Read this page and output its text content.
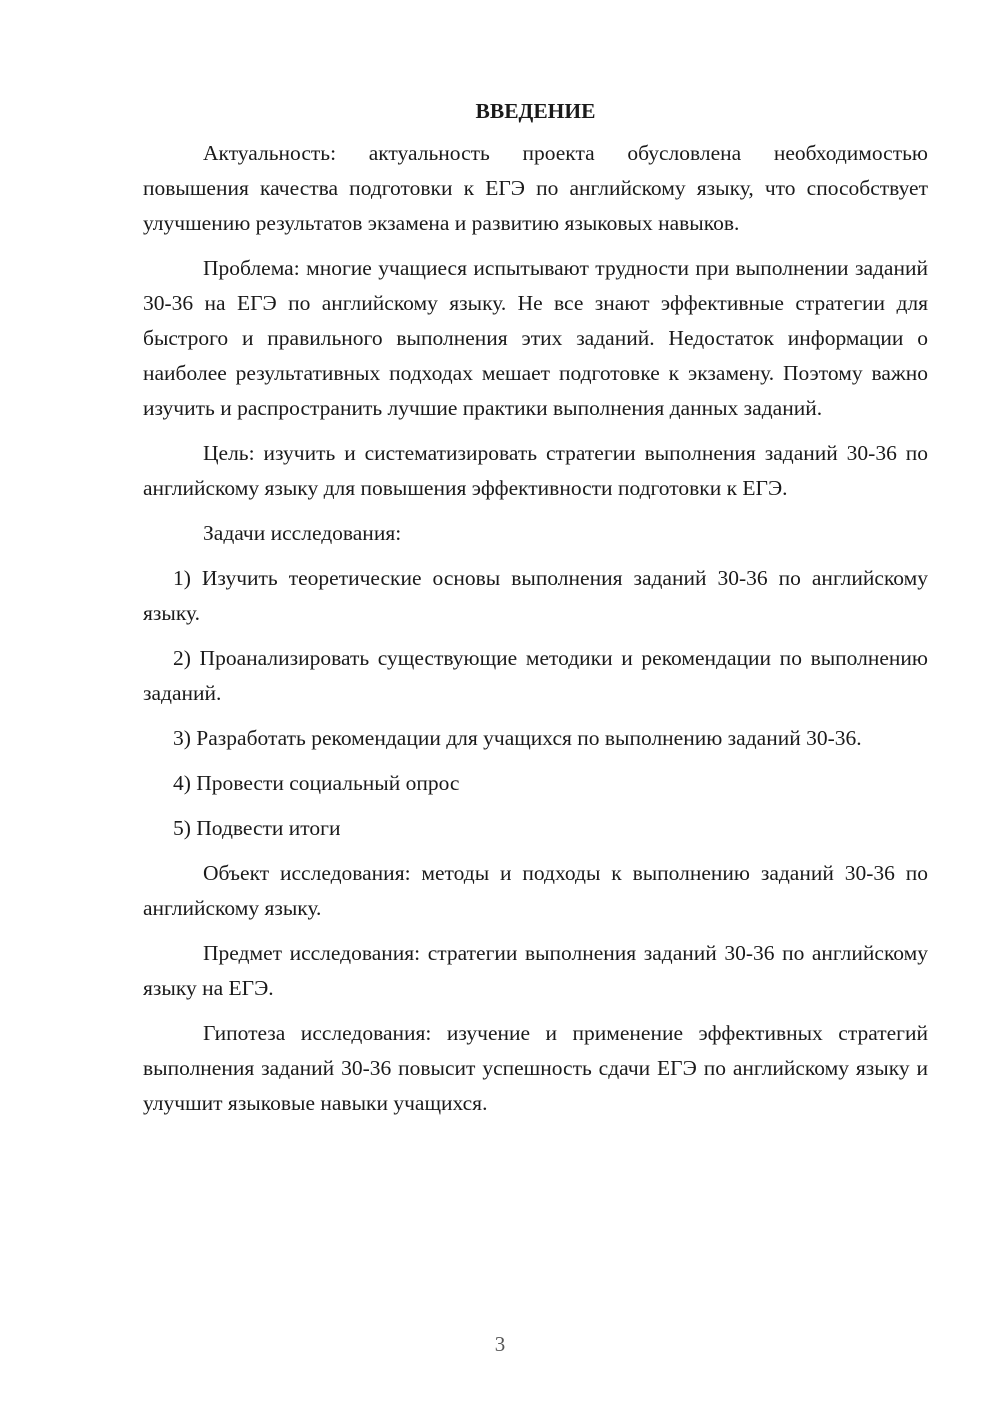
ВВЕДЕНИЕ

Актуальность: актуальность проекта обусловлена необходимостью повышения качества подготовки к ЕГЭ по английскому языку, что способствует улучшению результатов экзамена и развитию языковых навыков.

Проблема: многие учащиеся испытывают трудности при выполнении заданий 30-36 на ЕГЭ по английскому языку. Не все знают эффективные стратегии для быстрого и правильного выполнения этих заданий. Недостаток информации о наиболее результативных подходах мешает подготовке к экзамену. Поэтому важно изучить и распространить лучшие практики выполнения данных заданий.

Цель: изучить и систематизировать стратегии выполнения заданий 30-36 по английскому языку для повышения эффективности подготовки к ЕГЭ.

Задачи исследования:

1) Изучить теоретические основы выполнения заданий 30-36 по английскому языку.

2) Проанализировать существующие методики и рекомендации по выполнению заданий.

3) Разработать рекомендации для учащихся по выполнению заданий 30-36.

4) Провести социальный опрос

5) Подвести итоги

Объект исследования: методы и подходы к выполнению заданий 30-36 по английскому языку.

Предмет исследования: стратегии выполнения заданий 30-36 по английскому языку на ЕГЭ.

Гипотеза исследования: изучение и применение эффективных стратегий выполнения заданий 30-36 повысит успешность сдачи ЕГЭ по английскому языку и улучшит языковые навыки учащихся.

3
